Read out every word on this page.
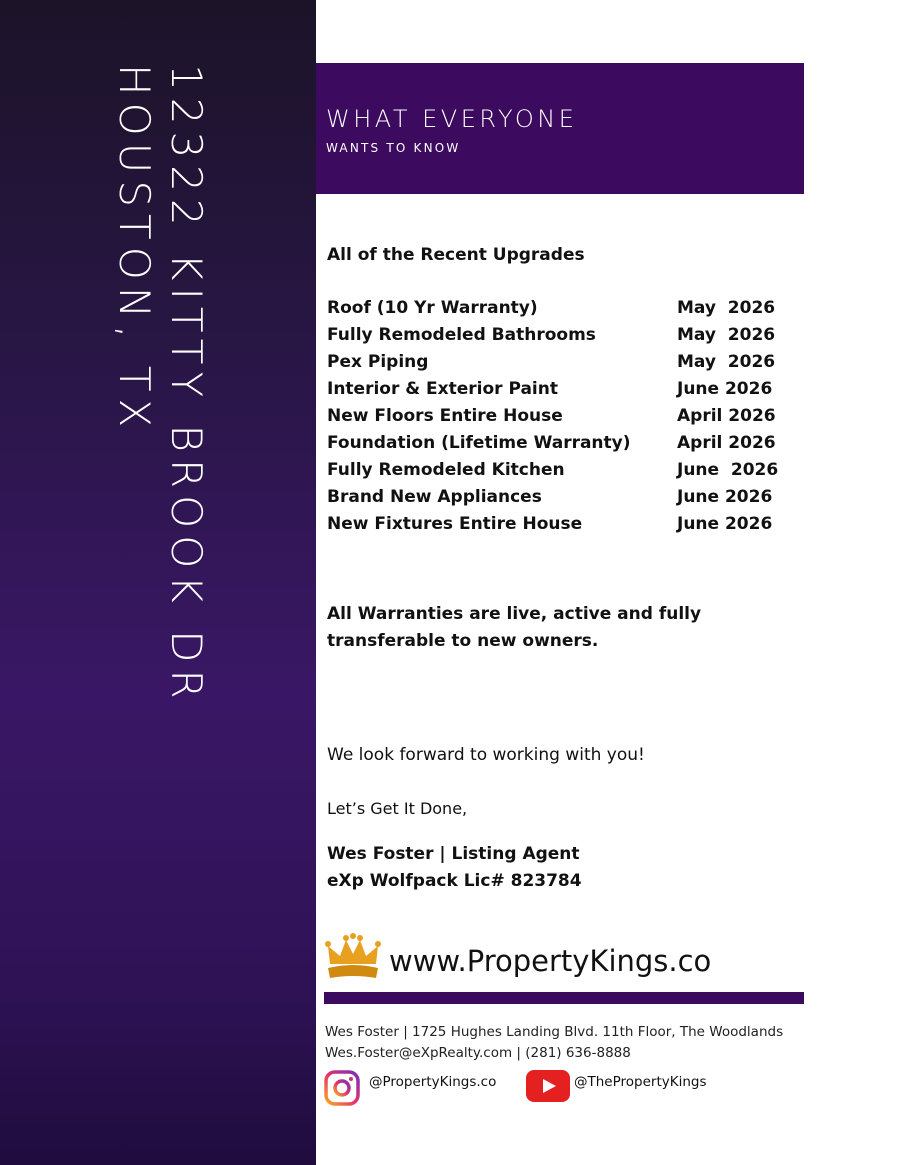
12322 KITTY BROOK DR
HOUSTON, TX	WHAT EVERYONE
WANTS TO KNOW
All of the Recent Upgrades
Roof (10 Yr Warranty)	May  2026
Fully Remodeled Bathrooms	May  2026
Pex Piping	May  2026
Interior & Exterior Paint	June 2026
New Floors Entire House	April 2026
Foundation (Lifetime Warranty)	April 2026
Fully Remodeled Kitchen	June  2026
Brand New Appliances	June 2026
New Fixtures Entire House	June 2026
All Warranties are live, active and fully transferable to new owners.
We look forward to working with you!
Let’s Get It Done,
Wes Foster | Listing Agent
eXp Wolfpack Lic# 823784
www.PropertyKings.co
Wes Foster | 1725 Hughes Landing Blvd. 11th Floor, The Woodlands
Wes.Foster@eXpRealty.com | (281) 636-8888
@PropertyKings.co	@ThePropertyKings
